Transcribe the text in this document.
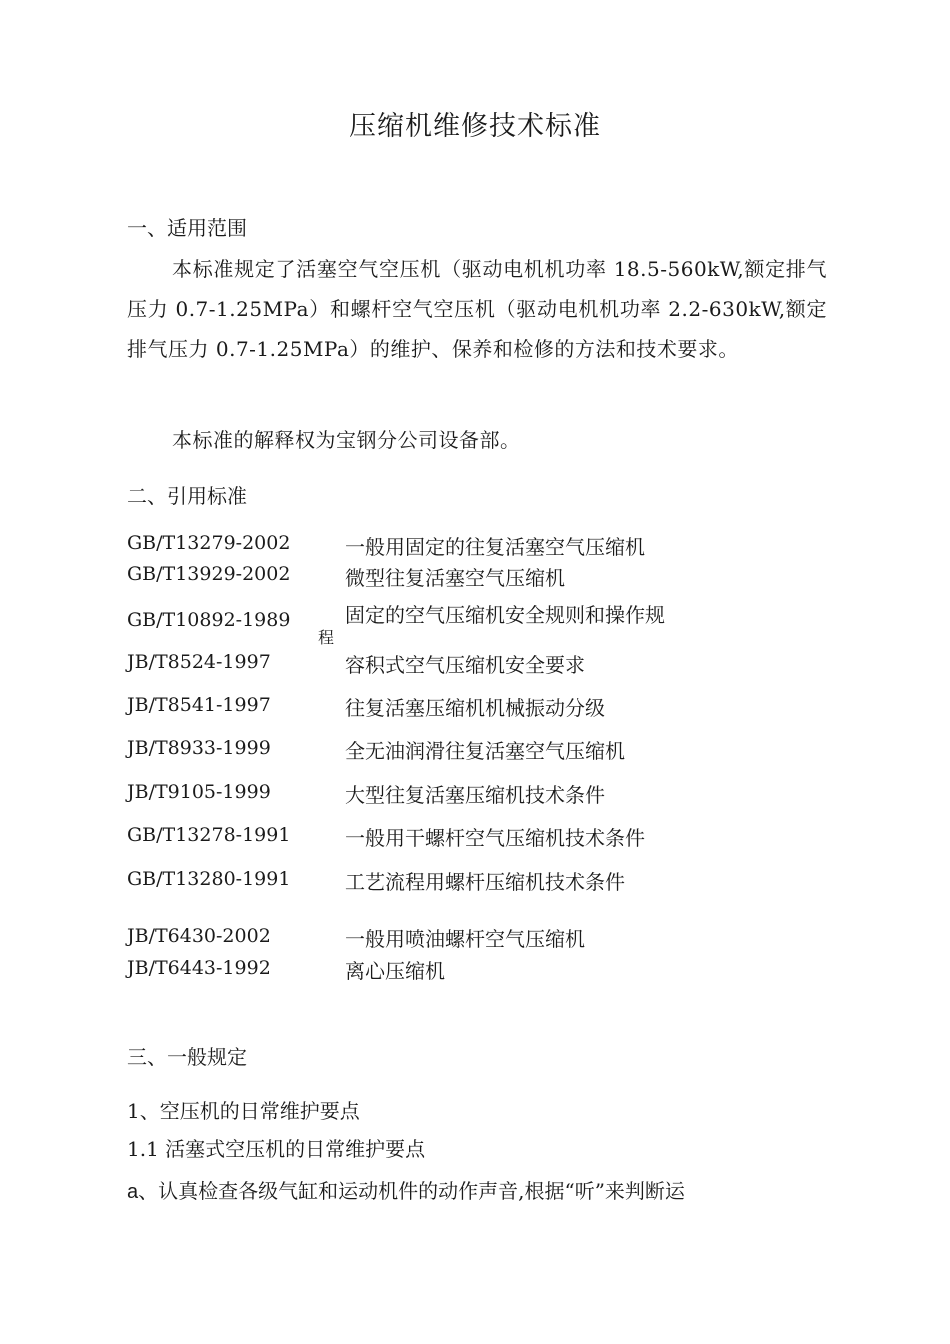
压缩机维修技术标准
一、适用范围
本标准规定了活塞空气空压机（驱动电机机功率 18.5-560kW,额定排气压力 0.7-1.25MPa）和螺杆空气空压机（驱动电机机功率 2.2-630kW,额定排气压力 0.7-1.25MPa）的维护、保养和检修的方法和技术要求。
本标准的解释权为宝钢分公司设备部。
二、引用标准
GB/T13279-2002	一般用固定的往复活塞空气压缩机
GB/T13929-2002	微型往复活塞空气压缩机
GB/T10892-1989	固定的空气压缩机安全规则和操作规
程
JB/T8524-1997	容积式空气压缩机安全要求
JB/T8541-1997	往复活塞压缩机机械振动分级
JB/T8933-1999	全无油润滑往复活塞空气压缩机
JB/T9105-1999	大型往复活塞压缩机技术条件
GB/T13278-1991	一般用干螺杆空气压缩机技术条件
GB/T13280-1991	工艺流程用螺杆压缩机技术条件
JB/T6430-2002	一般用喷油螺杆空气压缩机
JB/T6443-1992	离心压缩机
三、一般规定
1、空压机的日常维护要点
1.1 活塞式空压机的日常维护要点
a、认真检查各级气缸和运动机件的动作声音,根据“听”来判断运
